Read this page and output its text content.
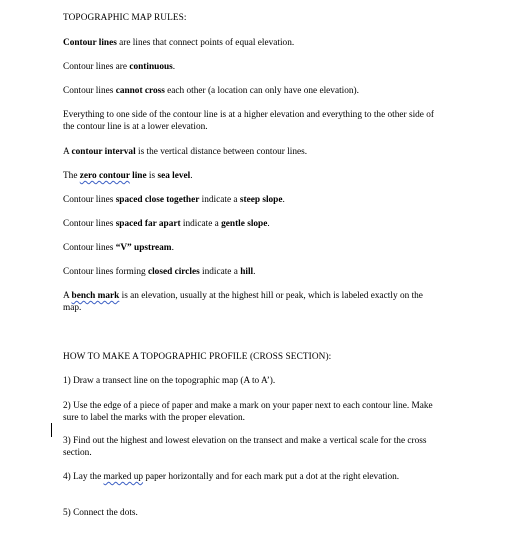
TOPOGRAPHIC MAP RULES:
Contour lines are lines that connect points of equal elevation.
Contour lines are continuous.
Contour lines cannot cross each other (a location can only have one elevation).
Everything to one side of the contour line is at a higher elevation and everything to the other side of the contour line is at a lower elevation.
A contour interval is the vertical distance between contour lines.
The zero contour line is sea level.
Contour lines spaced close together indicate a steep slope.
Contour lines spaced far apart indicate a gentle slope.
Contour lines “V” upstream.
Contour lines forming closed circles indicate a hill.
A bench mark is an elevation, usually at the highest hill or peak, which is labeled exactly on the map.
HOW TO MAKE A TOPOGRAPHIC PROFILE (CROSS SECTION):
1) Draw a transect line on the topographic map (A to A’).
2) Use the edge of a piece of paper and make a mark on your paper next to each contour line. Make sure to label the marks with the proper elevation.
3) Find out the highest and lowest elevation on the transect and make a vertical scale for the cross section.
4) Lay the marked up paper horizontally and for each mark put a dot at the right elevation.
5) Connect the dots.
